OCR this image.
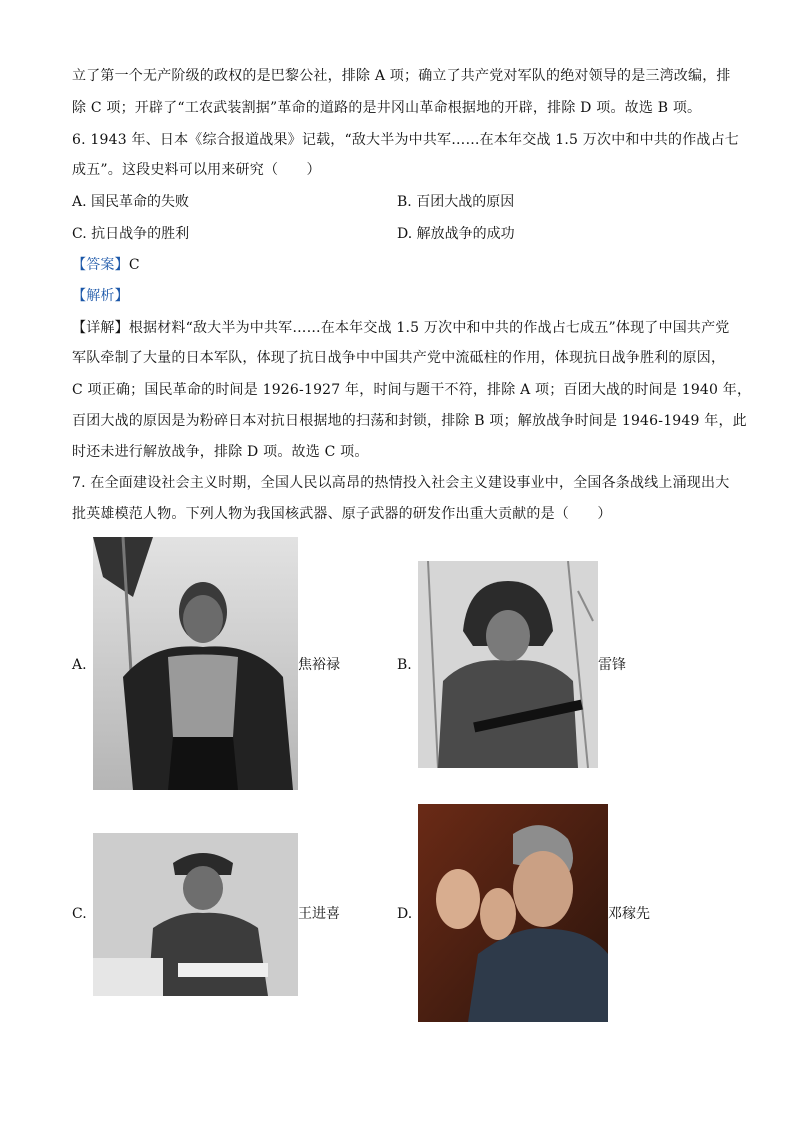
立了第一个无产阶级的政权的是巴黎公社，排除 A 项；确立了共产党对军队的绝对领导的是三湾改编，排
除 C 项；开辟了“工农武装割据”革命的道路的是井冈山革命根据地的开辟，排除 D 项。故选 B 项。
6. 1943 年、日本《综合报道战果》记载，“敌大半为中共军……在本年交战 1.5 万次中和中共的作战占七
成五”。这段史料可以用来研究（　　）
A. 国民革命的失败	B. 百团大战的原因
C. 抗日战争的胜利	D. 解放战争的成功
【答案】C
【解析】
【详解】根据材料“敌大半为中共军……在本年交战 1.5 万次中和中共的作战占七成五”体现了中国共产党
军队牵制了大量的日本军队，体现了抗日战争中中国共产党中流砥柱的作用，体现抗日战争胜利的原因，
C 项正确；国民革命的时间是 1926-1927 年，时间与题干不符，排除 A 项；百团大战的时间是 1940 年，
百团大战的原因是为粉碎日本对抗日根据地的扫荡和封锁，排除 B 项；解放战争时间是 1946-1949 年，此
时还未进行解放战争，排除 D 项。故选 C 项。
7. 在全面建设社会主义时期，全国人民以高昂的热情投入社会主义建设事业中，全国各条战线上涌现出大
批英雄模范人物。下列人物为我国核武器、原子武器的研发作出重大贡献的是（　　）
A.	焦裕禄	B.	雷锋
C.	王进喜	D.	邓稼先
